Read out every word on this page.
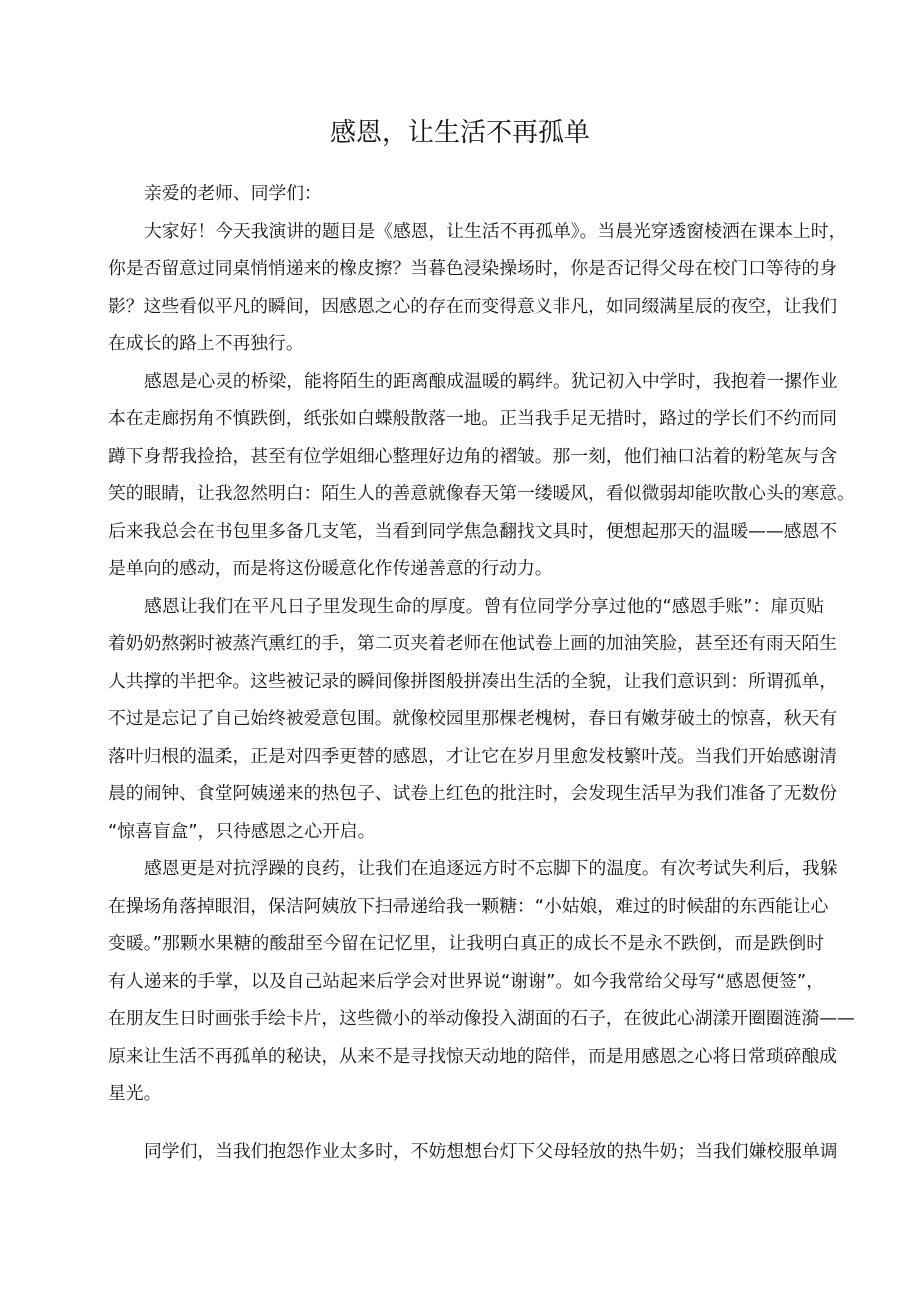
感恩，让生活不再孤单
亲爱的老师、同学们：
大家好！今天我演讲的题目是《感恩，让生活不再孤单》。当晨光穿透窗棱洒在课本上时，
你是否留意过同桌悄悄递来的橡皮擦？当暮色浸染操场时，你是否记得父母在校门口等待的身
影？这些看似平凡的瞬间，因感恩之心的存在而变得意义非凡，如同缀满星辰的夜空，让我们
在成长的路上不再独行。
感恩是心灵的桥梁，能将陌生的距离酿成温暖的羁绊。犹记初入中学时，我抱着一摞作业
本在走廊拐角不慎跌倒，纸张如白蝶般散落一地。正当我手足无措时，路过的学长们不约而同
蹲下身帮我捡拾，甚至有位学姐细心整理好边角的褶皱。那一刻，他们袖口沾着的粉笔灰与含
笑的眼睛，让我忽然明白：陌生人的善意就像春天第一缕暖风，看似微弱却能吹散心头的寒意。
后来我总会在书包里多备几支笔，当看到同学焦急翻找文具时，便想起那天的温暖——感恩不
是单向的感动，而是将这份暖意化作传递善意的行动力。
感恩让我们在平凡日子里发现生命的厚度。曾有位同学分享过他的“感恩手账”：扉页贴
着奶奶熬粥时被蒸汽熏红的手，第二页夹着老师在他试卷上画的加油笑脸，甚至还有雨天陌生
人共撑的半把伞。这些被记录的瞬间像拼图般拼凑出生活的全貌，让我们意识到：所谓孤单，
不过是忘记了自己始终被爱意包围。就像校园里那棵老槐树，春日有嫩芽破土的惊喜，秋天有
落叶归根的温柔，正是对四季更替的感恩，才让它在岁月里愈发枝繁叶茂。当我们开始感谢清
晨的闹钟、食堂阿姨递来的热包子、试卷上红色的批注时，会发现生活早为我们准备了无数份
“惊喜盲盒”，只待感恩之心开启。
感恩更是对抗浮躁的良药，让我们在追逐远方时不忘脚下的温度。有次考试失利后，我躲
在操场角落掉眼泪，保洁阿姨放下扫帚递给我一颗糖：“小姑娘，难过的时候甜的东西能让心
变暖。”那颗水果糖的酸甜至今留在记忆里，让我明白真正的成长不是永不跌倒，而是跌倒时
有人递来的手掌，以及自己站起来后学会对世界说“谢谢”。如今我常给父母写“感恩便签”，
在朋友生日时画张手绘卡片，这些微小的举动像投入湖面的石子，在彼此心湖漾开圈圈涟漪——
原来让生活不再孤单的秘诀，从来不是寻找惊天动地的陪伴，而是用感恩之心将日常琐碎酿成
星光。
同学们，当我们抱怨作业太多时，不妨想想台灯下父母轻放的热牛奶；当我们嫌校服单调
